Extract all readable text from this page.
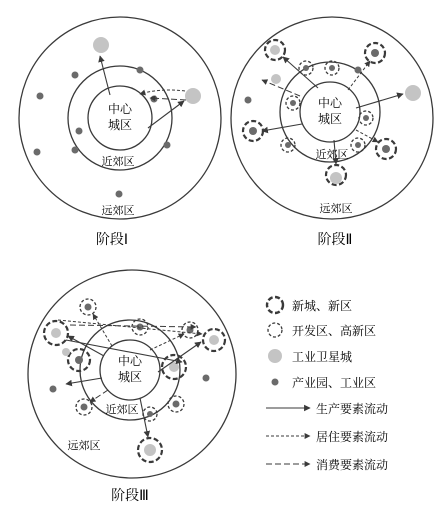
中心
城区
近郊区
远郊区
阶段Ⅰ
中心
城区
近郊区
远郊区
阶段Ⅱ
中心
城区
近郊区
远郊区
阶段Ⅲ
新城、新区
开发区、高新区
工业卫星城
产业园、工业区
生产要素流动
居住要素流动
消费要素流动
